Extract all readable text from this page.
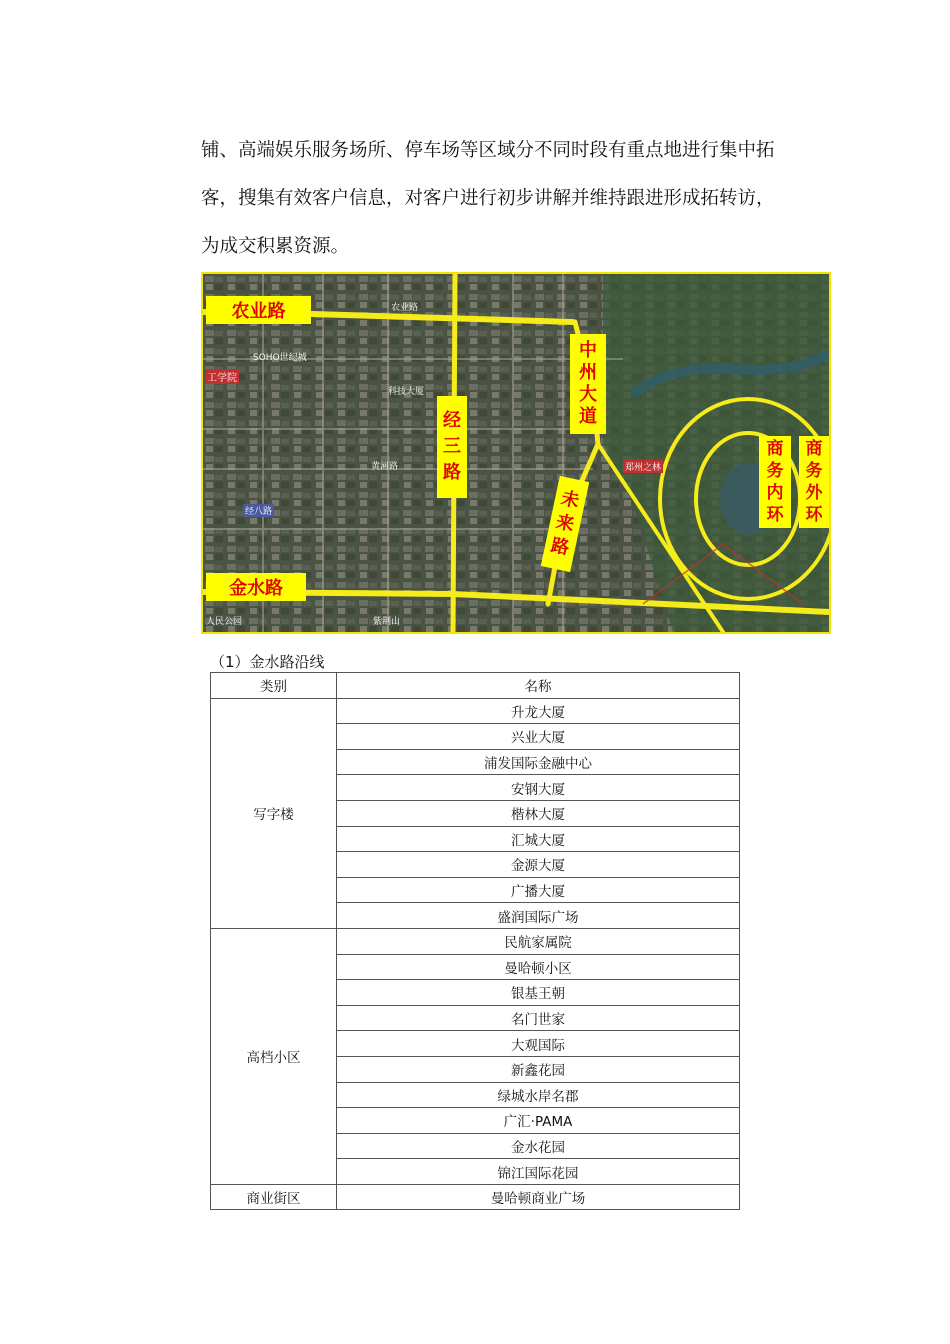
铺、高端娱乐服务场所、停车场等区域分不同时段有重点地进行集中拓
客，搜集有效客户信息，对客户进行初步讲解并维持跟进形成拓转访，
为成交积累资源。
农业路
金水路
中
州
大
道
经
三
路
未
来
路
商
务
内
环
商
务
外
环
工学院
SOHO世纪城
农业路
科技大厦
黄河路
经八路
郑州之林
人民公园	紫荆山
（1）金水路沿线
类别	名称
写字楼	升龙大厦
	兴业大厦
	浦发国际金融中心
	安钢大厦
	楷林大厦
	汇城大厦
	金源大厦
	广播大厦
	盛润国际广场
高档小区	民航家属院
	曼哈顿小区
	银基王朝
	名门世家
	大观国际
	新鑫花园
	绿城水岸名郡
	广汇·PAMA
	金水花园
	锦江国际花园
商业街区	曼哈顿商业广场
